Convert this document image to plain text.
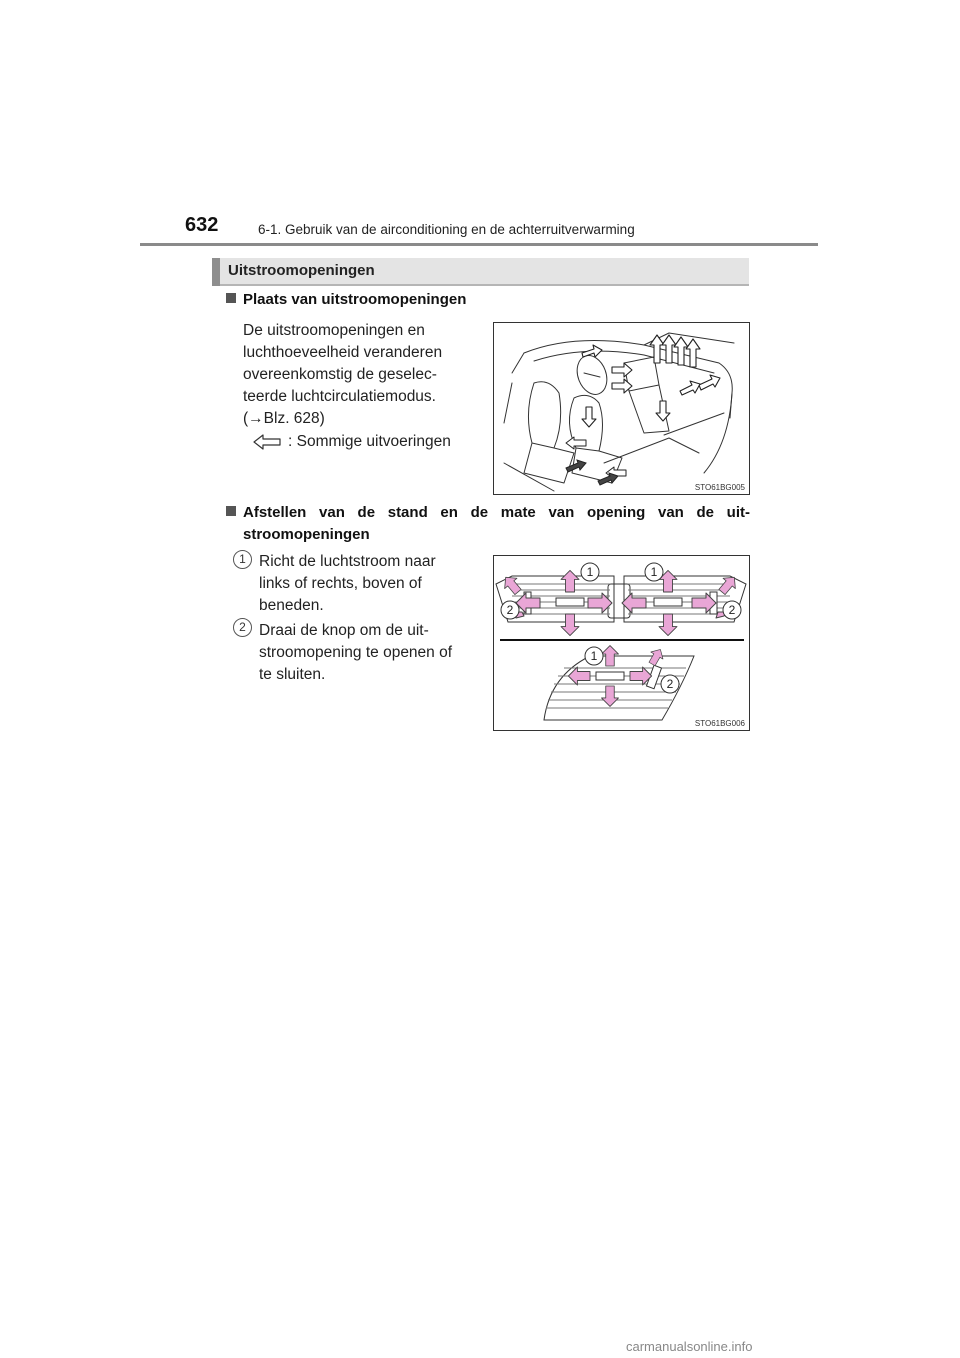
632	6-1. Gebruik van de airconditioning en de achterruitverwarming
Uitstroomopeningen
Plaats van uitstroomopeningen
De uitstroomopeningen en
luchthoeveelheid veranderen
overeenkomstig de geselec-
teerde luchtcirculatiemodus.
(→Blz. 628)
: Sommige uitvoeringen
STO61BG005
Afstellen van de stand en de mate van opening van de uit-
stroomopeningen
1 Richt de luchtstroom naar
links of rechts, boven of
beneden.
2 Draai de knop om de uit-
stroomopening te openen of
te sluiten.
1	1
2	2
1
2
STO61BG006
carmanualsonline.info
